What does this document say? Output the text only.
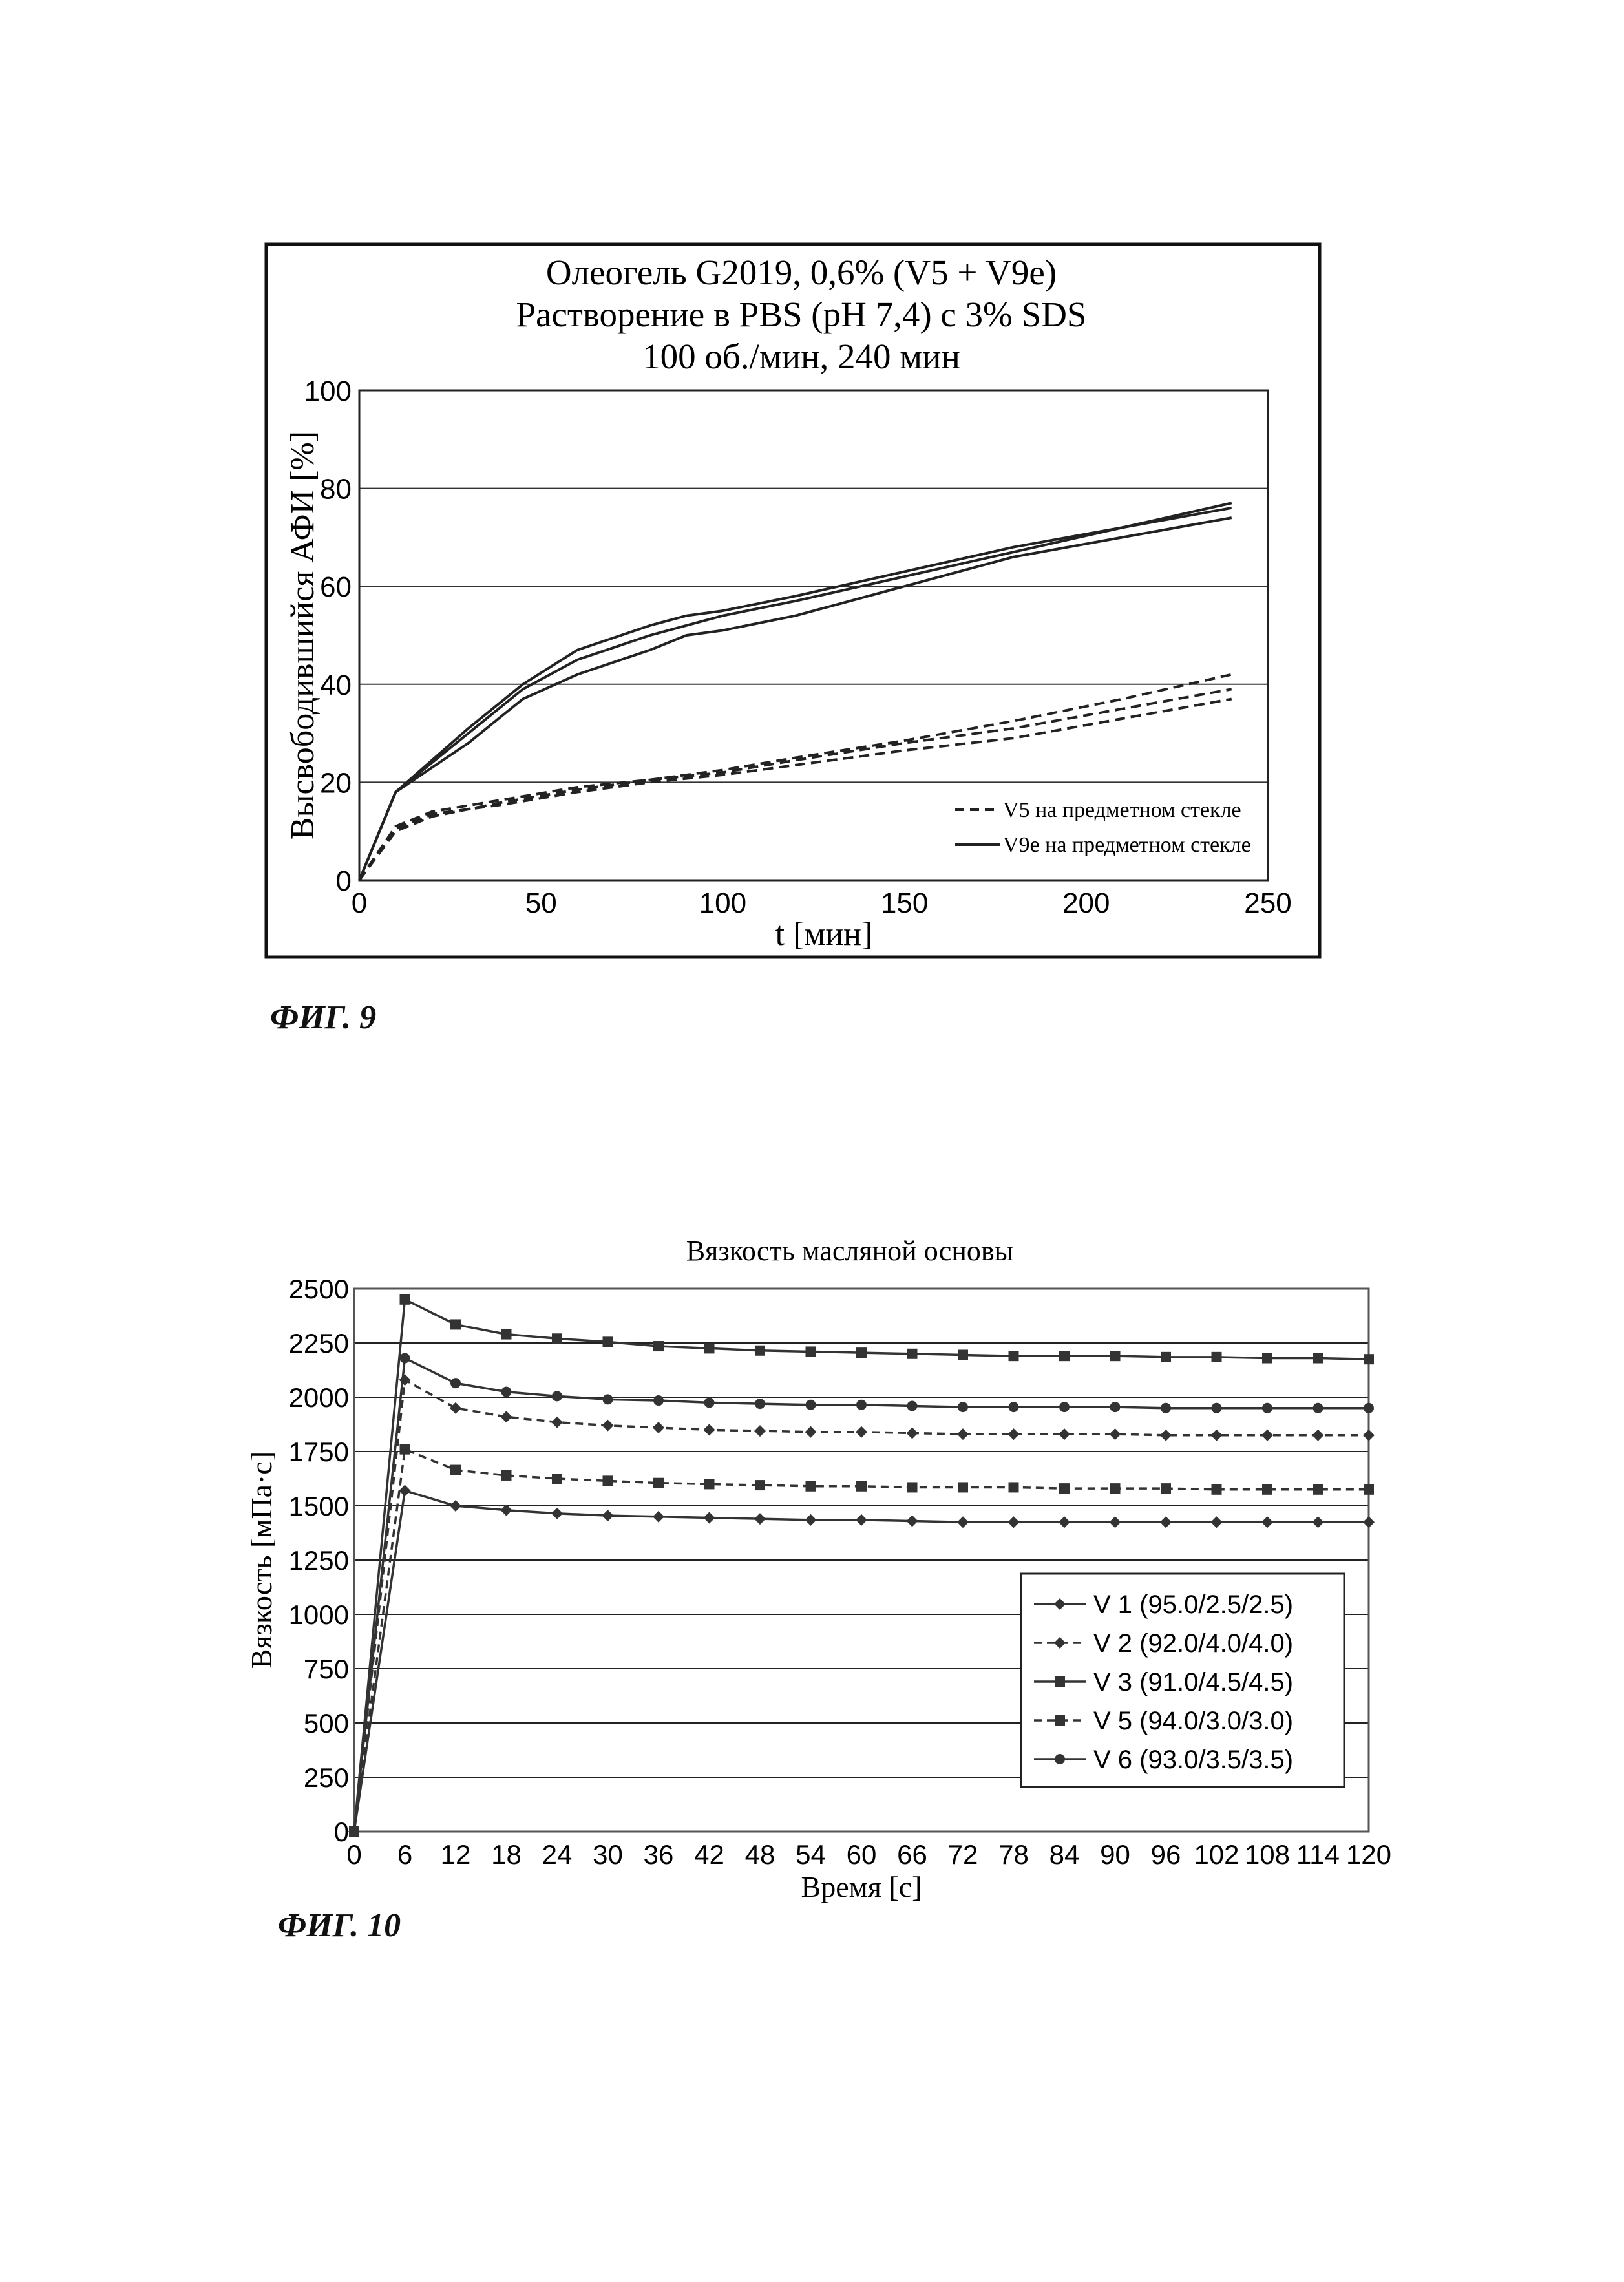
Олеогель G2019, 0,6% (V5 + V9e)
Растворение в PBS (pH 7,4) с 3% SDS
100 об./мин, 240 мин
0
20
40
60
80
100
0	50	100	150	200	250
Высвободившийся АФИ [%]
t [мин]
V5 на предметном стекле
V9e на предметном стекле
Вязкость масляной основы
0
250
500
750
1000
1250
1500
1750
2000
2250
2500
0 6 12 18 24 30 36 42 48 54 60 66 72 78 84 90 96 102 108 114 120
Вязкость [мПа·с]
Время [с]
V 1 (95.0/2.5/2.5)
V 2 (92.0/4.0/4.0)
V 3 (91.0/4.5/4.5)
V 5 (94.0/3.0/3.0)
V 6 (93.0/3.5/3.5)
ФИГ. 9
ФИГ. 10
